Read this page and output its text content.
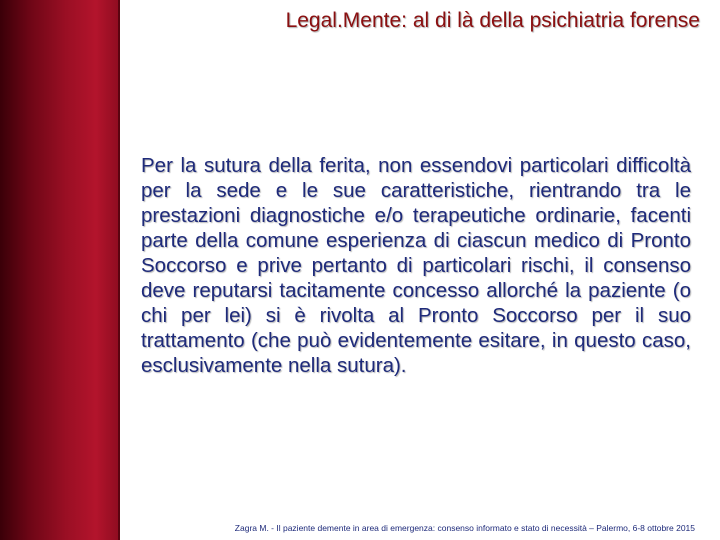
Legal.Mente: al di là della psichiatria forense

Per la sutura della ferita, non essendovi particolari difficoltà per la sede e le sue caratteristiche, rientrando tra le prestazioni diagnostiche e/o terapeutiche ordinarie, facenti parte della comune esperienza di ciascun medico di Pronto Soccorso e prive pertanto di particolari rischi, il consenso deve reputarsi tacitamente concesso allorché la paziente (o chi per lei) si è rivolta al Pronto Soccorso per il suo trattamento (che può evidentemente esitare, in questo caso, esclusivamente nella sutura).

Zagra M. - Il paziente demente in area di emergenza: consenso informato e stato di necessità – Palermo, 6-8 ottobre 2015
